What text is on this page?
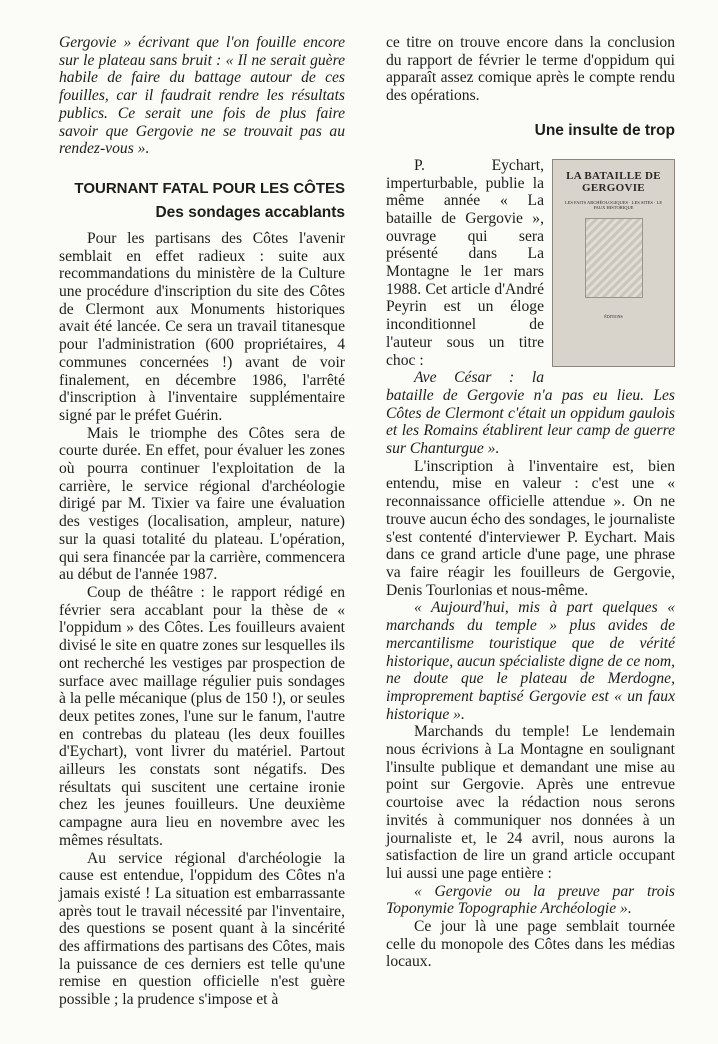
Gergovie » écrivant que l'on fouille encore sur le plateau sans bruit : « Il ne serait guère habile de faire du battage autour de ces fouilles, car il faudrait rendre les résultats publics. Ce serait une fois de plus faire savoir que Gergovie ne se trouvait pas au rendez-vous ».

TOURNANT FATAL POUR LES CÔTES

Des sondages accablants

Pour les partisans des Côtes l'avenir semblait en effet radieux : suite aux recommandations du ministère de la Culture une procédure d'inscription du site des Côtes de Clermont aux Monuments historiques avait été lancée. Ce sera un travail titanesque pour l'administration (600 propriétaires, 4 communes concernées !) avant de voir finalement, en décembre 1986, l'arrêté d'inscription à l'inventaire supplémentaire signé par le préfet Guérin.

Mais le triomphe des Côtes sera de courte durée. En effet, pour évaluer les zones où pourra continuer l'exploitation de la carrière, le service régional d'archéologie dirigé par M. Tixier va faire une évaluation des vestiges (localisation, ampleur, nature) sur la quasi totalité du plateau. L'opération, qui sera financée par la carrière, commencera au début de l'année 1987.

Coup de théâtre : le rapport rédigé en février sera accablant pour la thèse de « l'oppidum » des Côtes. Les fouilleurs avaient divisé le site en quatre zones sur lesquelles ils ont recherché les vestiges par prospection de surface avec maillage régulier puis sondages à la pelle mécanique (plus de 150 !), or seules deux petites zones, l'une sur le fanum, l'autre en contrebas du plateau (les deux fouilles d'Eychart), vont livrer du matériel. Partout ailleurs les constats sont négatifs. Des résultats qui suscitent une certaine ironie chez les jeunes fouilleurs. Une deuxième campagne aura lieu en novembre avec les mêmes résultats.

Au service régional d'archéologie la cause est entendue, l'oppidum des Côtes n'a jamais existé ! La situation est embarrassante après tout le travail nécessité par l'inventaire, des questions se posent quant à la sincérité des affirmations des partisans des Côtes, mais la puissance de ces derniers est telle qu'une remise en question officielle n'est guère possible ; la prudence s'impose et à

ce titre on trouve encore dans la conclusion du rapport de février le terme d'oppidum qui apparaît assez comique après le compte rendu des opérations.

Une insulte de trop

LA BATAILLE DE GERGOVIE
LES FAITS ARCHÉOLOGIQUES · LES SITES · LE FAUX HISTORIQUE
ÉDITIONS

P. Eychart, imperturbable, publie la même année « La bataille de Gergovie », ouvrage qui sera présenté dans La Montagne le 1er mars 1988. Cet article d'André Peyrin est un éloge inconditionnel de l'auteur sous un titre choc :

Ave César : la bataille de Gergovie n'a pas eu lieu. Les Côtes de Clermont c'était un oppidum gaulois et les Romains établirent leur camp de guerre sur Chanturgue ».

L'inscription à l'inventaire est, bien entendu, mise en valeur : c'est une « reconnaissance officielle attendue ». On ne trouve aucun écho des sondages, le journaliste s'est contenté d'interviewer P. Eychart. Mais dans ce grand article d'une page, une phrase va faire réagir les fouilleurs de Gergovie, Denis Tourlonias et nous-même.

« Aujourd'hui, mis à part quelques « marchands du temple » plus avides de mercantilisme touristique que de vérité historique, aucun spécialiste digne de ce nom, ne doute que le plateau de Merdogne, improprement baptisé Gergovie est « un faux historique ».

Marchands du temple! Le lendemain nous écrivions à La Montagne en soulignant l'insulte publique et demandant une mise au point sur Gergovie. Après une entrevue courtoise avec la rédaction nous serons invités à communiquer nos données à un journaliste et, le 24 avril, nous aurons la satisfaction de lire un grand article occupant lui aussi une page entière :

« Gergovie ou la preuve par trois Toponymie Topographie Archéologie ».

Ce jour là une page semblait tournée celle du monopole des Côtes dans les médias locaux.
